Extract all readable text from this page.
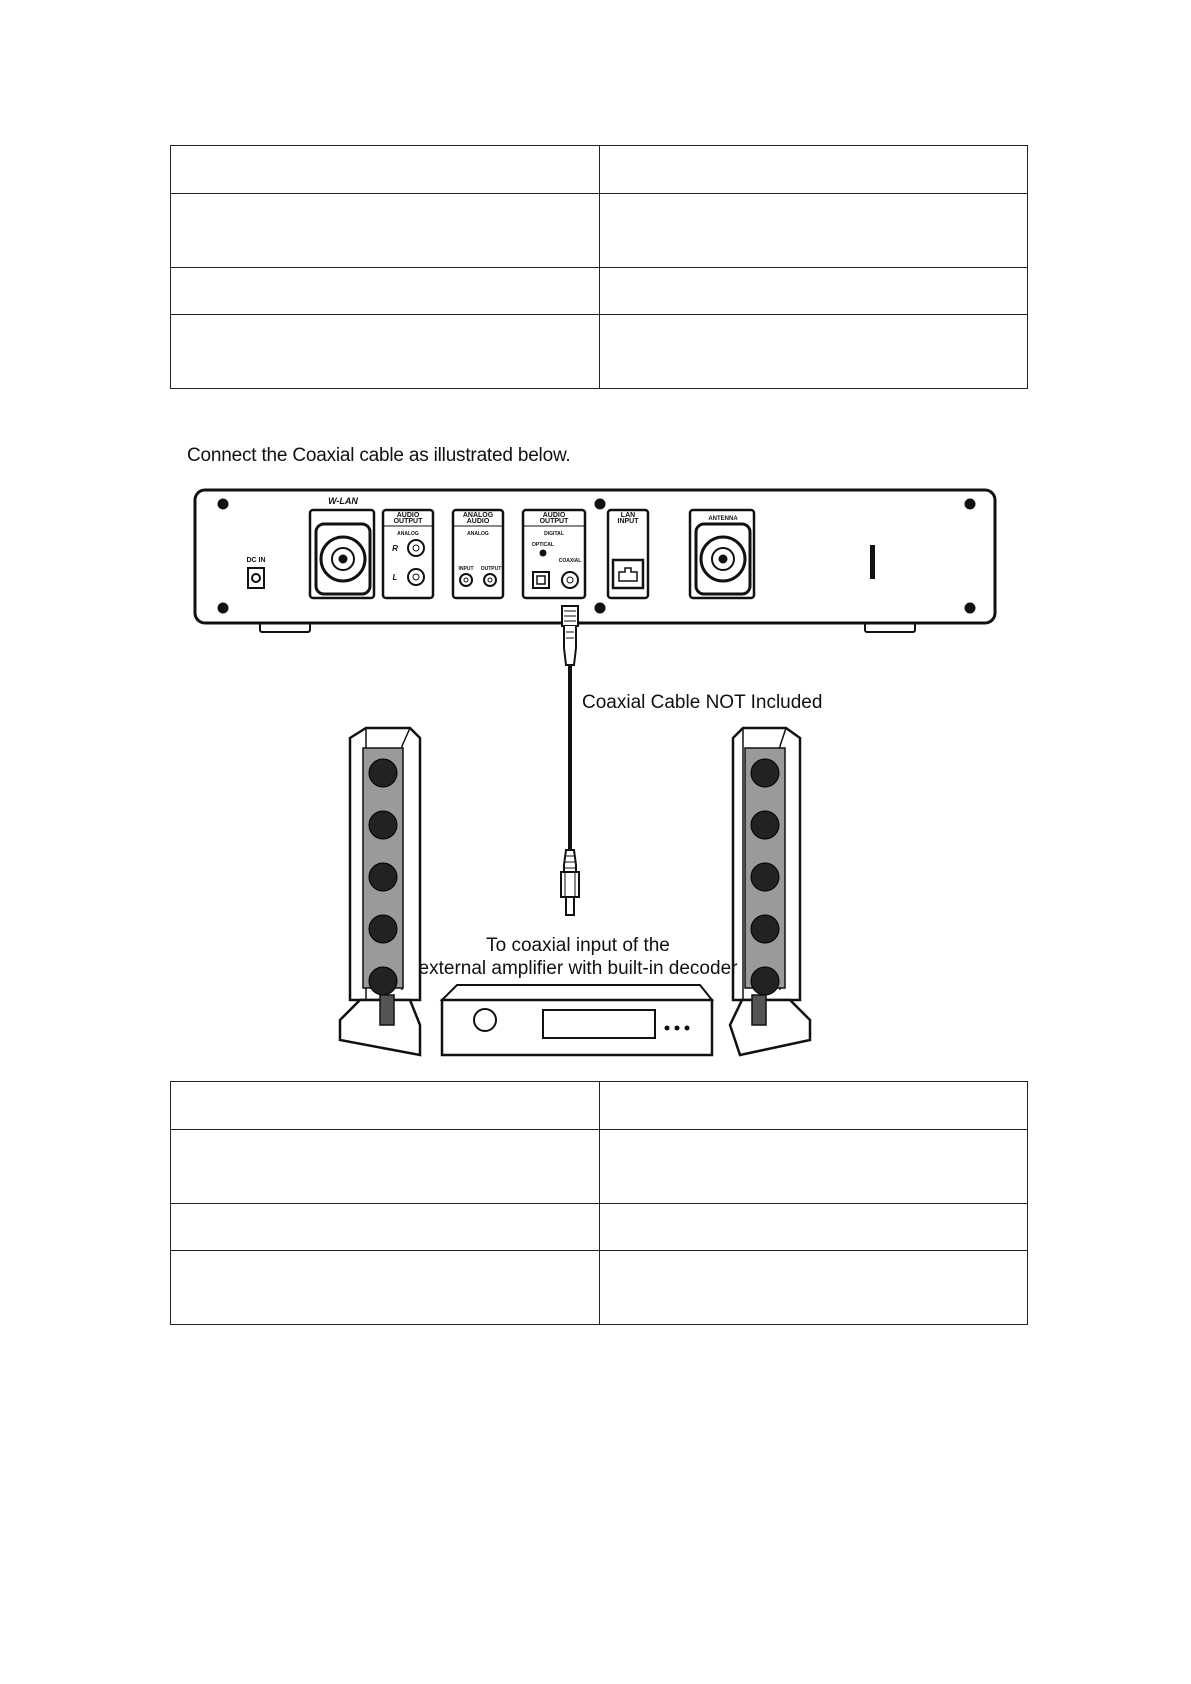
Connect the Coaxial cable as illustrated below.
W-LAN
DC IN
AUDIO
OUTPUT
ANALOG
R
L
ANALOG
AUDIO
ANALOG
INPUT OUTPUT
AUDIO
OUTPUT
DIGITAL
OPTICAL
COAXIAL
LAN
INPUT	ANTENNA
Coaxial Cable NOT Included
To coaxial input of the
external amplifier with built-in decoder
